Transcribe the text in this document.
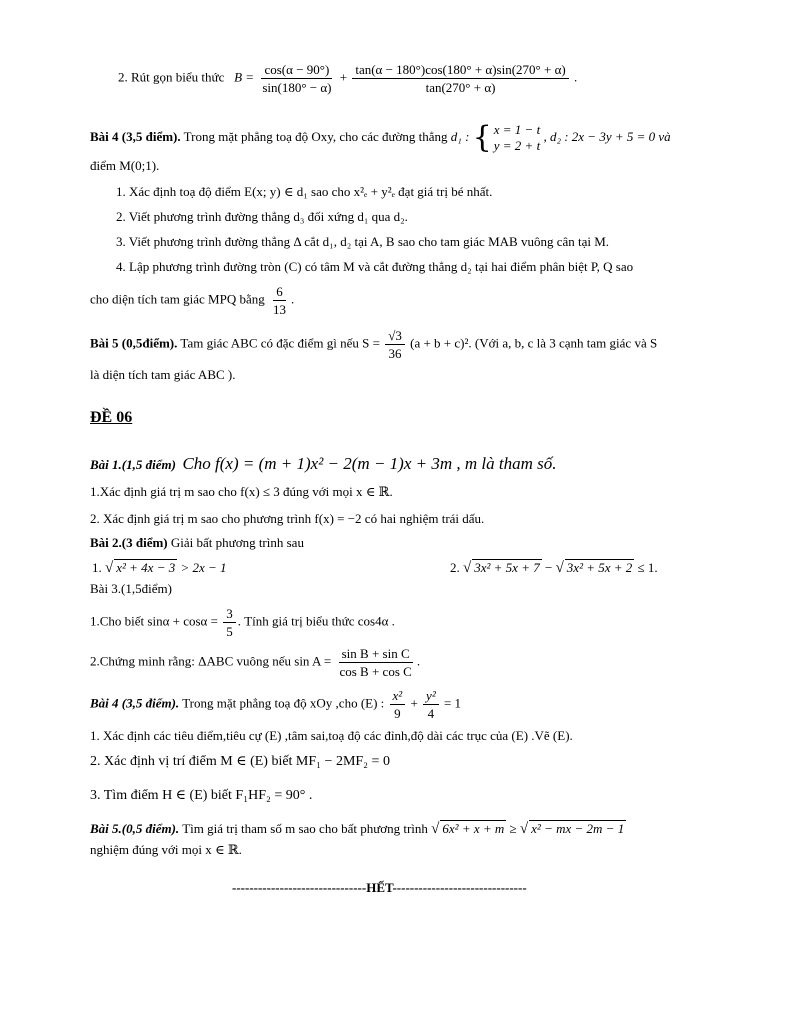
2. Rút gọn biểu thức $B = \frac{\cos(\alpha - 90^\circ)}{\sin(180^\circ - \alpha)} + \frac{\tan(\alpha - 180^\circ)\cos(180^\circ + \alpha)\sin(270^\circ + \alpha)}{\tan(270^\circ + \alpha)}$ .
Bài 4 (3,5 điểm). Trong mặt phẳng toạ độ Oxy, cho các đường thẳng d₁ : { x = 1 − t
y = 2 + t
, d₂ : 2x − 3y + 5 = 0 và
điểm M(0;1).
1. Xác định toạ độ điểm E(x; y) ∈ d₁ sao cho x²ₑ + y²ₑ đạt giá trị bé nhất.
2. Viết phương trình đường thẳng d₃ đối xứng d₁ qua d₂.
3. Viết phương trình đường thẳng Δ cắt d₁, d₂ tại A, B sao cho tam giác MAB vuông cân tại M.
4. Lập phương trình đường tròn (C) có tâm M và cắt đường thẳng d₂ tại hai điểm phân biệt P, Q sao
cho diện tích tam giác MPQ bằng $\frac{6}{13}$ .
Bài 5 (0,5điểm). Tam giác ABC có đặc điểm gì nếu $S = \frac{√3}{36} (a + b + c)^2$. (Với a, b, c là 3 cạnh tam giác và S
là diện tích tam giác ABC ).
ĐỀ 06
Bài 1.(1,5 điểm) Cho f(x) = (m + 1)x² − 2(m − 1)x + 3m , m là tham số.
1.Xác định giá trị m sao cho f(x) ≤ 3 đúng với mọi x ∈ ℝ.
2. Xác định giá trị m sao cho phương trình f(x) = −2 có hai nghiệm trái dấu.
Bài 2.(3 điểm) Giải bất phương trình sau
1. √ x² + 4x − 3 > 2x − 1	2. √ 3x² + 5x + 7 − √ 3x² + 5x + 2 ≤ 1.
Bài 3.(1,5điểm)
1.Cho biết $\sin\alpha + \cos\alpha = \frac{3}{5}$ . Tính giá trị biểu thức cos4α .
2.Chứng minh rằng: ΔABC vuông nếu $\sin A = \frac{\text{sin B + sin C}}{\text{cos B + cos C}}$ .
Bài 4 (3,5 điểm). Trong mặt phẳng toạ độ xOy ,cho (E) : $\frac{\text{x²}}{9} + \frac{\text{y²}}{4} = 1$
1. Xác định các tiêu điểm,tiêu cự (E) ,tâm sai,toạ độ các đỉnh,độ dài các trục của (E) .Vẽ (E).
2. Xác định vị trí điểm M ∈ (E) biết MF₁ − 2MF₂ = 0
3. Tìm điểm H ∈ (E) biết F₁HF₂ = 90° .
Bài 5.(0,5 điểm). Tìm giá trị tham số m sao cho bất phương trình √ 6x² + x + m ≥ √ x² − mx − 2m − 1
nghiệm đúng với mọi x ∈ ℝ.
-------------------------------HẾT-------------------------------
